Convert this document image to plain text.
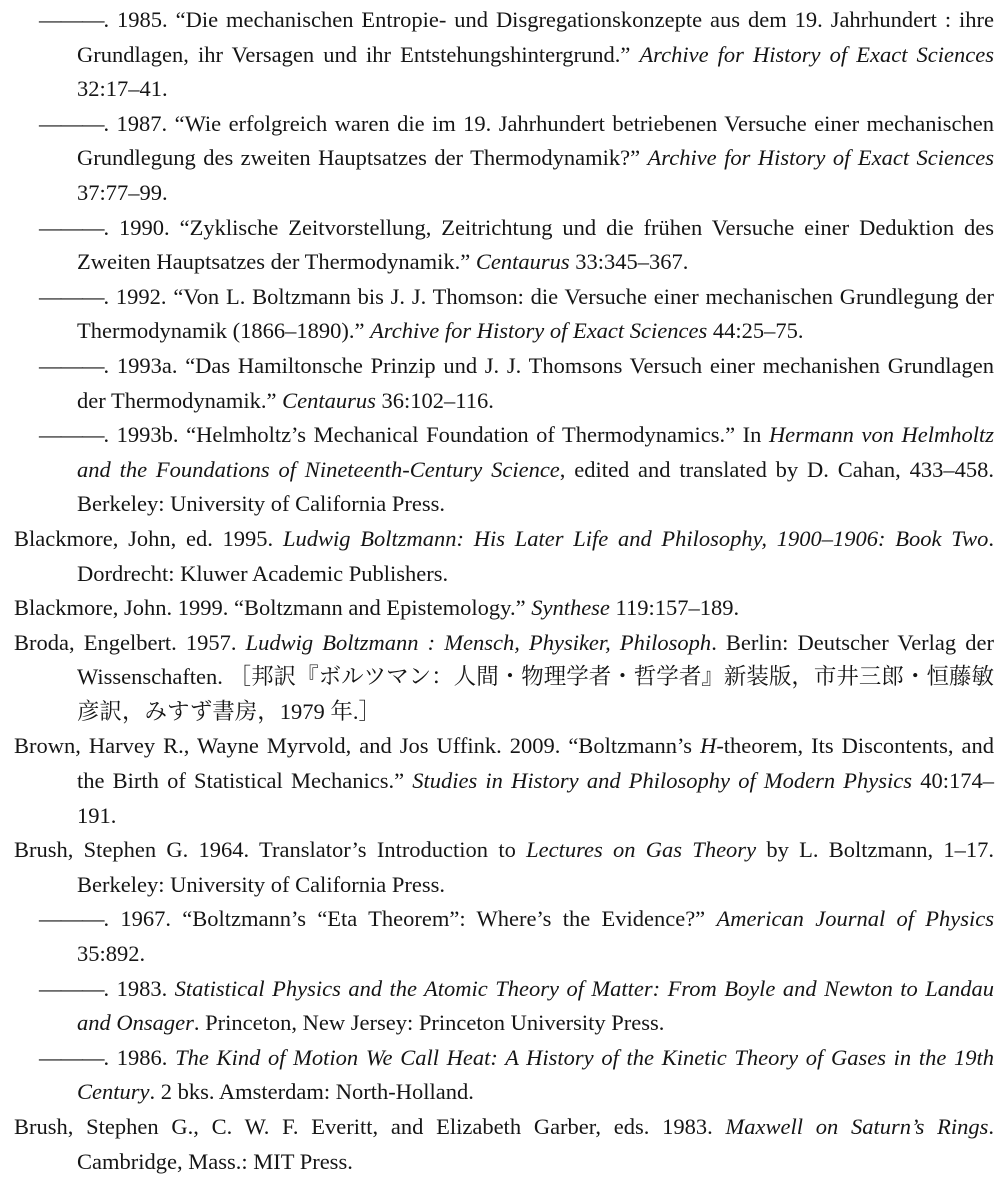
———. 1985. “Die mechanischen Entropie- und Disgregationskonzepte aus dem 19. Jahrhundert : ihre Grundlagen, ihr Versagen und ihr Entstehungshintergrund.” Archive for History of Exact Sciences 32:17–41.

———. 1987. “Wie erfolgreich waren die im 19. Jahrhundert betriebenen Versuche einer mechanischen Grundlegung des zweiten Hauptsatzes der Thermodynamik?” Archive for History of Exact Sciences 37:77–99.

———. 1990. “Zyklische Zeitvorstellung, Zeitrichtung und die frühen Versuche einer Deduktion des Zweiten Hauptsatzes der Thermodynamik.” Centaurus 33:345–367.

———. 1992. “Von L. Boltzmann bis J. J. Thomson: die Versuche einer mechanischen Grundlegung der Thermodynamik (1866–1890).” Archive for History of Exact Sciences 44:25–75.

———. 1993a. “Das Hamiltonsche Prinzip und J. J. Thomsons Versuch einer mechanishen Grundlagen der Thermodynamik.” Centaurus 36:102–116.

———. 1993b. “Helmholtz’s Mechanical Foundation of Thermodynamics.” In Hermann von Helmholtz and the Foundations of Nineteenth-Century Science, edited and translated by D. Cahan, 433–458. Berkeley: University of California Press.

Blackmore, John, ed. 1995. Ludwig Boltzmann: His Later Life and Philosophy, 1900–1906: Book Two. Dordrecht: Kluwer Academic Publishers.

Blackmore, John. 1999. “Boltzmann and Epistemology.” Synthese 119:157–189.

Broda, Engelbert. 1957. Ludwig Boltzmann : Mensch, Physiker, Philosoph. Berlin: Deutscher Verlag der Wissenschaften. ［邦訳『ボルツマン：人間・物理学者・哲学者』新装版，市井三郎・恒藤敏彦訳，みすず書房，1979 年.］

Brown, Harvey R., Wayne Myrvold, and Jos Uffink. 2009. “Boltzmann’s H-theorem, Its Discontents, and the Birth of Statistical Mechanics.” Studies in History and Philosophy of Modern Physics 40:174–191.

Brush, Stephen G. 1964. Translator’s Introduction to Lectures on Gas Theory by L. Boltzmann, 1–17. Berkeley: University of California Press.

———. 1967. “Boltzmann’s “Eta Theorem”: Where’s the Evidence?” American Journal of Physics 35:892.

———. 1983. Statistical Physics and the Atomic Theory of Matter: From Boyle and Newton to Landau and Onsager. Princeton, New Jersey: Princeton University Press.

———. 1986. The Kind of Motion We Call Heat: A History of the Kinetic Theory of Gases in the 19th Century. 2 bks. Amsterdam: North-Holland.

Brush, Stephen G., C. W. F. Everitt, and Elizabeth Garber, eds. 1983. Maxwell on Saturn’s Rings. Cambridge, Mass.: MIT Press.
